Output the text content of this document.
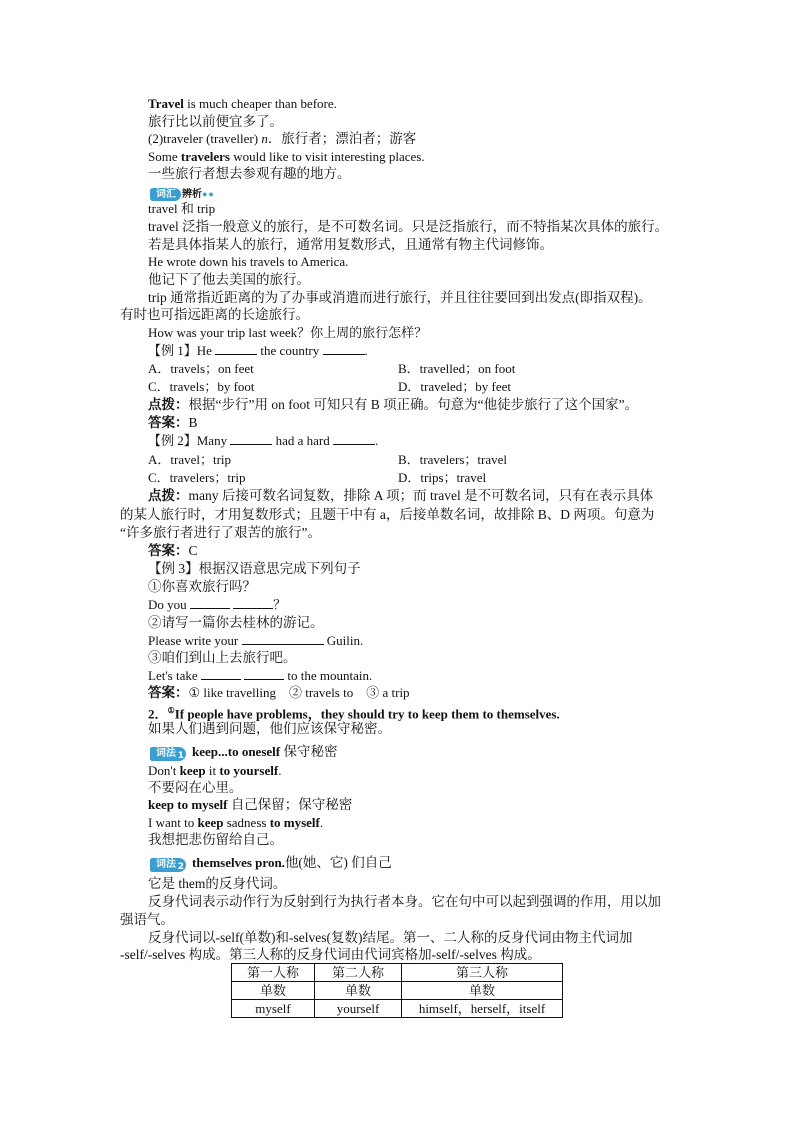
Travel is much cheaper than before.
旅行比以前便宜多了。
(2)traveler (traveller) n．旅行者；漂泊者；游客
Some travelers would like to visit interesting places.
一些旅行者想去参观有趣的地方。
词汇 辨析●●
travel 和 trip
travel 泛指一般意义的旅行，是不可数名词。只是泛指旅行，而不特指某次具体的旅行。
若是具体指某人的旅行，通常用复数形式，且通常有物主代词修饰。
He wrote down his travels to America.
他记下了他去美国的旅行。
trip 通常指近距离的为了办事或消遣而进行旅行，并且往往要回到出发点(即指双程)。
有时也可指远距离的长途旅行。
How was your trip last week？你上周的旅行怎样？
【例 1】He	the country	.
A．travels；on feet	B．travelled；on foot
C．travels；by foot	D．traveled；by feet
点拨：根据“步行”用 on foot 可知只有 B 项正确。句意为“他徒步旅行了这个国家”。
答案：B
【例 2】Many	had a hard	.
A．travel；trip	B．travelers；travel
C．travelers；trip	D．trips；travel
点拨：many 后接可数名词复数，排除 A 项；而 travel 是不可数名词，只有在表示具体
的某人旅行时，才用复数形式；且题干中有 a，后接单数名词，故排除 B、D 两项。句意为
“许多旅行者进行了艰苦的旅行”。
答案：C
【例 3】根据汉语意思完成下列句子
①你喜欢旅行吗？
Do you	？
②请写一篇你去桂林的游记。
Please write your	Guilin.
③咱们到山上去旅行吧。
Let's take	to the mountain.
答案：① like travelling　② travels to　③ a trip
2．①If people have problems，they should try to keep them to themselves.
如果人们遇到问题，他们应该保守秘密。
词法 1 keep...to oneself 保守秘密
Don't keep it to yourself.
不要闷在心里。
keep to myself 自己保留；保守秘密
I want to keep sadness to myself.
我想把悲伤留给自己。
词法 2 themselves pron.他(她、它) 们自己
它是 them的反身代词。
反身代词表示动作行为反射到行为执行者本身。它在句中可以起到强调的作用，用以加
强语气。
反身代词以-self(单数)和-selves(复数)结尾。第一、二人称的反身代词由物主代词加
-self/-selves 构成。第三人称的反身代词由代词宾格加-self/-selves 构成。
第一人称	第二人称	第三人称
单数	单数	单数
myself	yourself	himself，herself，itself
